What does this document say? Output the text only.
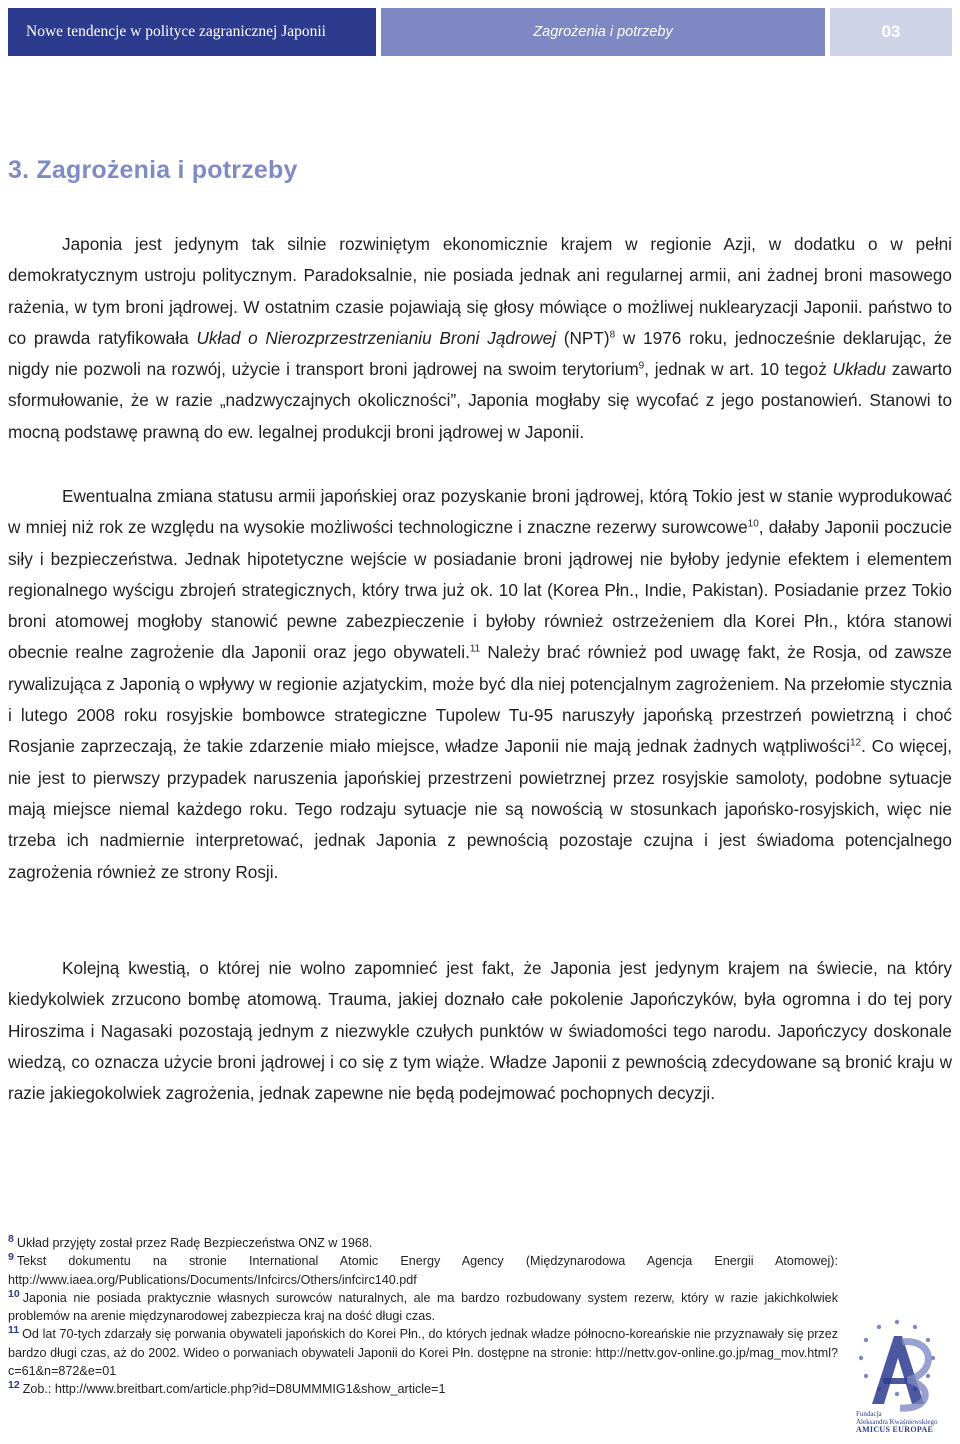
Nowe tendencje w polityce zagranicznej Japonii	Zagrożenia i potrzeby	03
3. Zagrożenia i potrzeby

Japonia jest jedynym tak silnie rozwiniętym ekonomicznie krajem w regionie Azji, w dodatku o w pełni demokratycznym ustroju politycznym. Paradoksalnie, nie posiada jednak ani regularnej armii, ani żadnej broni masowego rażenia, w tym broni jądrowej. W ostatnim czasie pojawiają się głosy mówiące o możliwej nuklearyzacji Japonii. państwo to co prawda ratyfikowała Układ o Nierozprzestrzenianiu Broni Jądrowej (NPT)$^8$ w 1976 roku, jednocześnie deklarując, że nigdy nie pozwoli na rozwój, użycie i transport broni jądrowej na swoim terytorium$^9$, jednak w art. 10 tegoż Układu zawarto sformułowanie, że w razie „nadzwyczajnych okoliczności”, Japonia mogłaby się wycofać z jego postanowień. Stanowi to mocną podstawę prawną do ew. legalnej produkcji broni jądrowej w Japonii.

Ewentualna zmiana statusu armii japońskiej oraz pozyskanie broni jądrowej, którą Tokio jest w stanie wyprodukować w mniej niż rok ze względu na wysokie możliwości technologiczne i znaczne rezerwy surowcowe$^{10}$, dałaby Japonii poczucie siły i bezpieczeństwa. Jednak hipotetyczne wejście w posiadanie broni jądrowej nie byłoby jedynie efektem i elementem regionalnego wyścigu zbrojeń strategicznych, który trwa już ok. 10 lat (Korea Płn., Indie, Pakistan). Posiadanie przez Tokio broni atomowej mogłoby stanowić pewne zabezpieczenie i byłoby również ostrzeżeniem dla Korei Płn., która stanowi obecnie realne zagrożenie dla Japonii oraz jego obywateli.$^{11}$ Należy brać również pod uwagę fakt, że Rosja, od zawsze rywalizująca z Japonią o wpływy w regionie azjatyckim, może być dla niej potencjalnym zagrożeniem. Na przełomie stycznia i lutego 2008 roku rosyjskie bombowce strategiczne Tupolew Tu-95 naruszyły japońską przestrzeń powietrzną i choć Rosjanie zaprzeczają, że takie zdarzenie miało miejsce, władze Japonii nie mają jednak żadnych wątpliwości$^{12}$. Co więcej, nie jest to pierwszy przypadek naruszenia japońskiej przestrzeni powietrznej przez rosyjskie samoloty, podobne sytuacje mają miejsce niemal każdego roku. Tego rodzaju sytuacje nie są nowością w stosunkach japońsko-rosyjskich, więc nie trzeba ich nadmiernie interpretować, jednak Japonia z pewnością pozostaje czujna i jest świadoma potencjalnego zagrożenia również ze strony Rosji.

Kolejną kwestią, o której nie wolno zapomnieć jest fakt, że Japonia jest jedynym krajem na świecie, na który kiedykolwiek zrzucono bombę atomową. Trauma, jakiej doznało całe pokolenie Japończyków, była ogromna i do tej pory Hiroszima i Nagasaki pozostają jednym z niezwykle czułych punktów w świadomości tego narodu. Japończycy doskonale wiedzą, co oznacza użycie broni jądrowej i co się z tym wiąże. Władze Japonii z pewnością zdecydowane są bronić kraju w razie jakiegokolwiek zagrożenia, jednak zapewne nie będą podejmować pochopnych decyzji.

$^8$ Układ przyjęty został przez Radę Bezpieczeństwa ONZ w 1968.

$^9$ Tekst dokumentu na stronie International Atomic Energy Agency (Międzynarodowa Agencja Energii Atomowej): http://www.iaea.org/Publications/Documents/Infcircs/Others/infcirc140.pdf

$^{10}$ Japonia nie posiada praktycznie własnych surowców naturalnych, ale ma bardzo rozbudowany system rezerw, który w razie jakichkolwiek problemów na arenie międzynarodowej zabezpiecza kraj na dość długi czas.

$^{11}$ Od lat 70-tych zdarzały się porwania obywateli japońskich do Korei Płn., do których jednak władze północno-koreańskie nie przyznawały się przez bardzo długi czas, aż do 2002. Wideo o porwaniach obywateli Japonii do Korei Płn. dostępne na stronie: http://nettv.gov-online.go.jp/mag_mov.html?c=61&n=872&e=01

$^{12}$ Zob.: http://www.breitbart.com/article.php?id=D8UMMMIG1&show_article=1

Fundacja
Aleksandra Kwaśniewskiego
AMICUS EUROPAE
